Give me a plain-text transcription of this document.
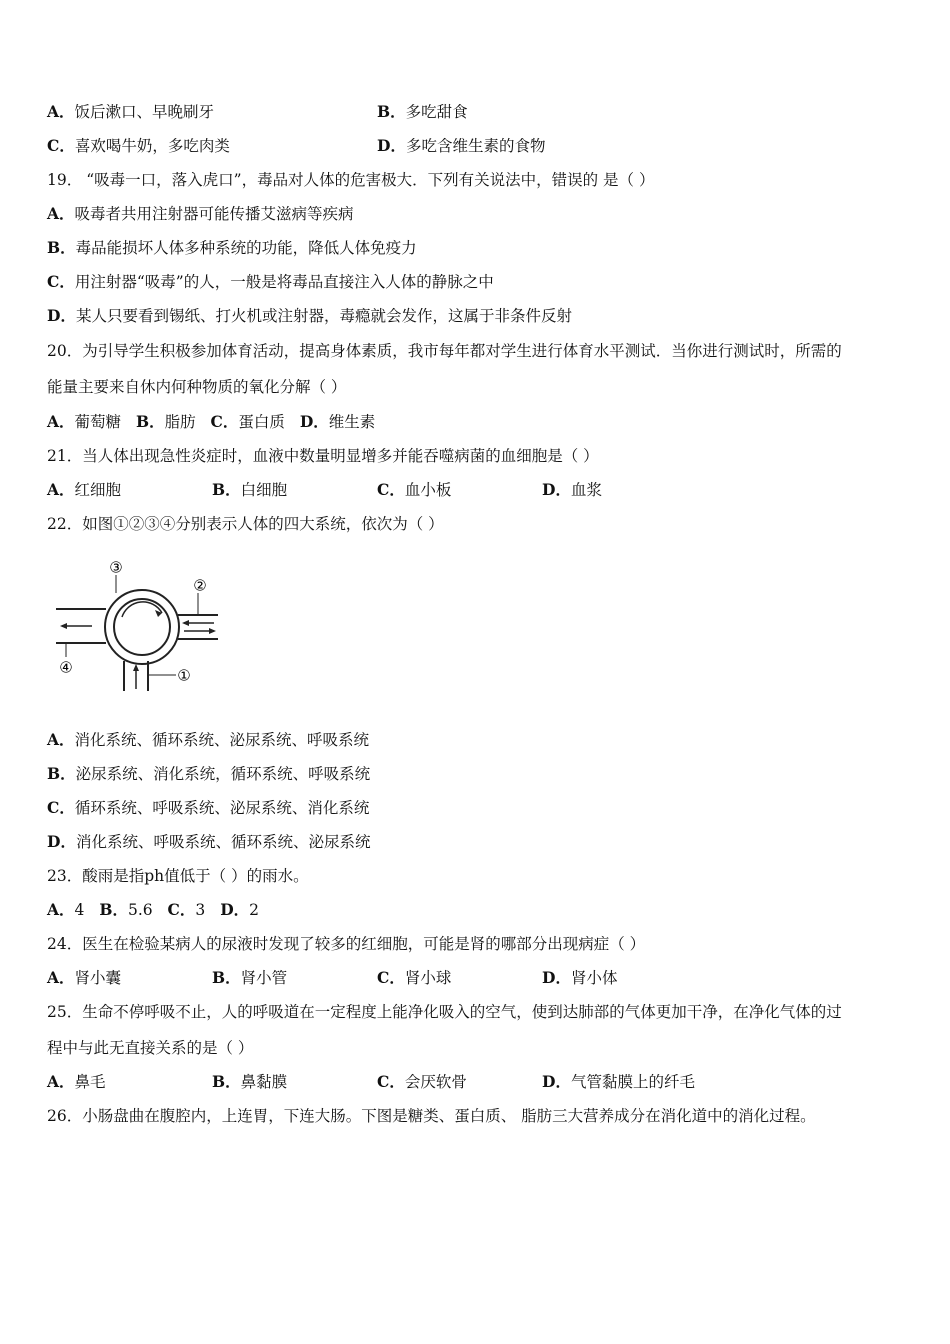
A．饭后漱口、早晚刷牙	B．多吃甜食
C．喜欢喝牛奶，多吃肉类	D．多吃含维生素的食物
19． “吸毒一口，落入虎口”，毒品对人体的危害极大．下列有关说法中，错误的 是（ ）
A．吸毒者共用注射器可能传播艾滋病等疾病
B．毒品能损坏人体多种系统的功能，降低人体免疫力
C．用注射器“吸毒”的人，一般是将毒品直接注入人体的静脉之中
D．某人只要看到锡纸、打火机或注射器，毒瘾就会发作，这属于非条件反射
20．为引导学生积极参加体育活动，提高身体素质，我市每年都对学生进行体育水平测试．当你进行测试时，所需的
能量主要来自休内何种物质的氧化分解（ ）
A．葡萄糖 B．脂肪 C．蛋白质 D．维生素
21．当人体出现急性炎症时，血液中数量明显增多并能吞噬病菌的血细胞是（ ）
A．红细胞	B．白细胞	C．血小板	D．血浆
22．如图①②③④分别表示人体的四大系统，依次为（ ）
④
②
③
①
A．消化系统、循环系统、泌尿系统、呼吸系统
B．泌尿系统、消化系统，循环系统、呼吸系统
C．循环系统、呼吸系统、泌尿系统、消化系统
D．消化系统、呼吸系统、循环系统、泌尿系统
23．酸雨是指ph值低于（ ）的雨水。
A．4 B．5.6 C．3 D．2
24．医生在检验某病人的尿液时发现了较多的红细胞，可能是肾的哪部分出现病症（ ）
A．肾小囊	B．肾小管	C．肾小球	D．肾小体
25．生命不停呼吸不止，人的呼吸道在一定程度上能净化吸入的空气，使到达肺部的气体更加干净，在净化气体的过
程中与此无直接关系的是（ ）
A．鼻毛	B．鼻黏膜	C．会厌软骨	D．气管黏膜上的纤毛
26．小肠盘曲在腹腔内，上连胃，下连大肠。下图是糖类、蛋白质、 脂肪三大营养成分在消化道中的消化过程。
